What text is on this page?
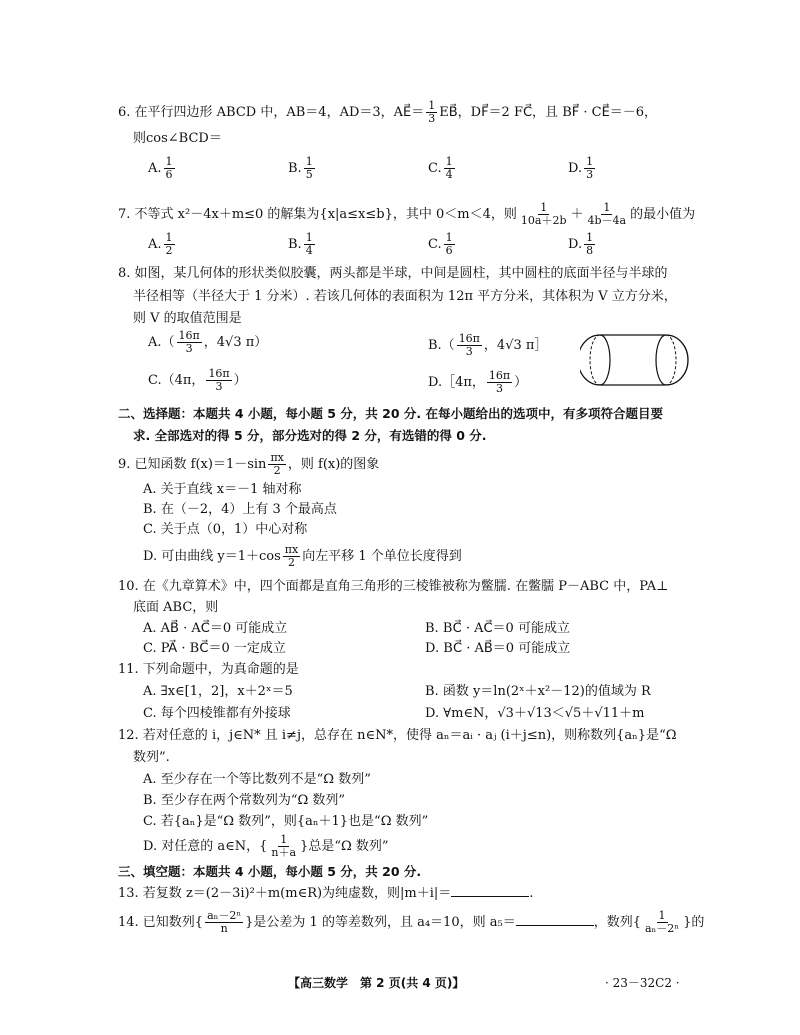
6. 在平行四边形 ABCD 中，AB＝4，AD＝3，AE⃗＝ $\frac{1}{3}$ EB⃗，DF⃗＝2 FC⃗，且 BF⃗ · CE⃗＝－6，
则cos∠BCD＝
A. $\frac{1}{6}$	B. $\frac{1}{5}$	C. $\frac{1}{4}$	D. $\frac{1}{3}$
7. 不等式 x²－4x＋m≤0 的解集为{x|a≤x≤b}，其中 0＜m＜4，则 $\frac{1}{10a+2b} + \frac{1}{4b-4a}$ 的最小值为
A. $\frac{1}{2}$	B. $\frac{1}{4}$	C. $\frac{1}{6}$	D. $\frac{1}{8}$
8. 如图，某几何体的形状类似胶囊，两头都是半球，中间是圆柱，其中圆柱的底面半径与半球的
半径相等（半径大于 1 分米）. 若该几何体的表面积为 12π 平方分米，其体积为 V 立方分米，
则 V 的取值范围是
$A.( \frac{16\pi}{3}$ ，4√3 π）	$B.( \frac{16\pi}{3}$ ，4√3 π］
C.（4π， $\frac{16\pi}{3}$ ）	D.［4π， $\frac{16\pi}{3}$ ）
二、选择题：本题共 4 小题，每小题 5 分，共 20 分. 在每小题给出的选项中，有多项符合题目要
求. 全部选对的得 5 分，部分选对的得 2 分，有选错的得 0 分.
9. 已知函数 $f(x)=1-\sin \frac{\pi x}{2}$ ，则 f(x)的图象
A. 关于直线 x＝－1 轴对称
B. 在（－2，4）上有 3 个最高点
C. 关于点（0，1）中心对称
D. 可由曲线 $y=1+\cos \frac{\pi x}{2}$ 向左平移 1 个单位长度得到
10. 在《九章算术》中，四个面都是直角三角形的三棱锥被称为鳖臑. 在鳖臑 P－ABC 中，PA⊥
底面 ABC，则
A. AB⃗ · AC⃗＝0 可能成立	B. BC⃗ · AC⃗＝0 可能成立
C. PA⃗ · BC⃗＝0 一定成立	D. BC⃗ · AB⃗＝0 可能成立
11. 下列命题中，为真命题的是
A. ∃x∈[1，2]，x＋2ˣ＝5	B. 函数 y＝ln(2ˣ＋x²－12)的值域为 R
C. 每个四棱锥都有外接球	D. ∀m∈N，√3＋√13＜√5＋√11＋m
12. 若对任意的 i，j∈N* 且 i≠j，总存在 n∈N*，使得 aₙ＝aᵢ · aⱼ (i＋j≤n)，则称数列{aₙ}是“Ω
数列”.
A. 至少存在一个等比数列不是“Ω 数列”
B. 至少存在两个常数列为“Ω 数列”
C. 若{aₙ}是“Ω 数列”，则{aₙ＋1}也是“Ω 数列”
D. 对任意的 a∈N，{ $\frac{1}{n+a}$ }总是“Ω 数列”
三、填空题：本题共 4 小题，每小题 5 分，共 20 分.
13. 若复数 z＝(2－3i)²＋m(m∈R)为纯虚数，则|m＋i|＝	.
14. 已知数列{ $\frac{\text{aₙ－2ⁿ}}{n}$ }是公差为 1 的等差数列，且 a₄＝10，则 a₅＝	，数列{ $\frac{1}{\text{aₙ－2ⁿ}}$ }的
【高三数学　第 2 页(共 4 页)】	· 23－32C2 ·
